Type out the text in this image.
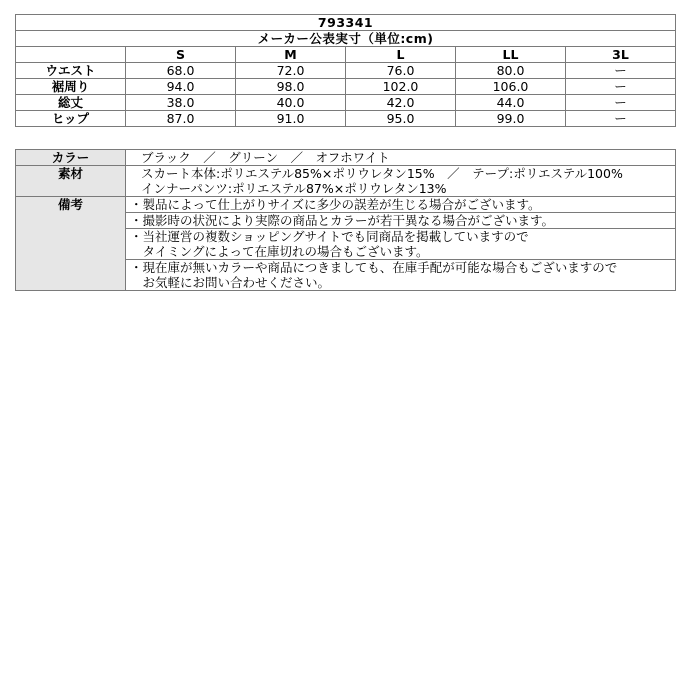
793341					
メーカー公表実寸（単位:cm)					
	S	M	L	LL	3L
ウエスト	68.0	72.0	76.0	80.0	ー
裾周り	94.0	98.0	102.0	106.0	ー
総丈	38.0	40.0	42.0	44.0	ー
ヒップ	87.0	91.0	95.0	99.0	ー
カラー	ブラック　／　グリーン　／　オフホワイト
素材	スカート本体:ポリエステル85%×ポリウレタン15%　／　テープ:ポリエステル100%
インナーパンツ:ポリエステル87%×ポリウレタン13%

備考	・製品によって仕上がりサイズに多少の誤差が生じる場合がございます。
	・撮影時の状況により実際の商品とカラーが若干異なる場合がございます。

	・当社運営の複数ショッピングサイトでも同商品を掲載していますので
　タイミングによって在庫切れの場合もございます。

	・現在庫が無いカラーや商品につきましても、在庫手配が可能な場合もございますので
　お気軽にお問い合わせください。
